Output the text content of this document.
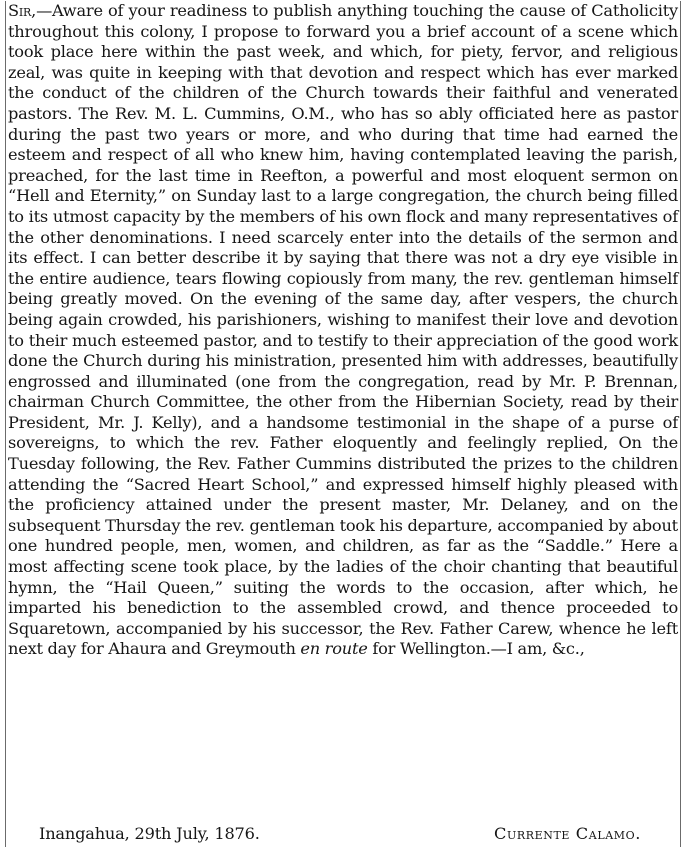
Sir,—Aware of your readiness to publish anything touching the cause of Catholicity throughout this colony, I propose to forward you a brief account of a scene which took place here within the past week, and which, for piety, fervor, and religious zeal, was quite in keeping with that devotion and respect which has ever marked the conduct of the children of the Church towards their faithful and venerated pastors. The Rev. M. L. Cummins, O.M., who has so ably officiated here as pastor during the past two years or more, and who during that time had earned the esteem and respect of all who knew him, having contemplated leaving the parish, preached, for the last time in Reefton, a powerful and most eloquent sermon on “Hell and Eternity,” on Sunday last to a large congregation, the church being filled to its utmost capacity by the members of his own flock and many representatives of the other denominations. I need scarcely enter into the details of the sermon and its effect. I can better describe it by saying that there was not a dry eye visible in the entire audience, tears flowing copiously from many, the rev. gentleman himself being greatly moved. On the evening of the same day, after vespers, the church being again crowded, his parishioners, wishing to manifest their love and devotion to their much esteemed pastor, and to testify to their appreciation of the good work done the Church during his ministration, presented him with addresses, beautifully engrossed and illuminated (one from the congregation, read by Mr. P. Brennan, chairman Church Committee, the other from the Hibernian Society, read by their President, Mr. J. Kelly), and a handsome testimonial in the shape of a purse of sovereigns, to which the rev. Father eloquently and feelingly replied, On the Tuesday following, the Rev. Father Cummins distributed the prizes to the children attending the “Sacred Heart School,” and expressed himself highly pleased with the proficiency attained under the present master, Mr. Delaney, and on the subsequent Thursday the rev. gentleman took his departure, accompanied by about one hundred people, men, women, and children, as far as the “Saddle.” Here a most affecting scene took place, by the ladies of the choir chanting that beautiful hymn, the “Hail Queen,” suiting the words to the occasion, after which, he imparted his benediction to the assembled crowd, and thence proceeded to Squaretown, accompanied by his successor, the Rev. Father Carew, whence he left next day for Ahaura and Greymouth en route for Wellington.—I am, &c.,

Inangahua, 29th July, 1876.	Currente Calamo.
